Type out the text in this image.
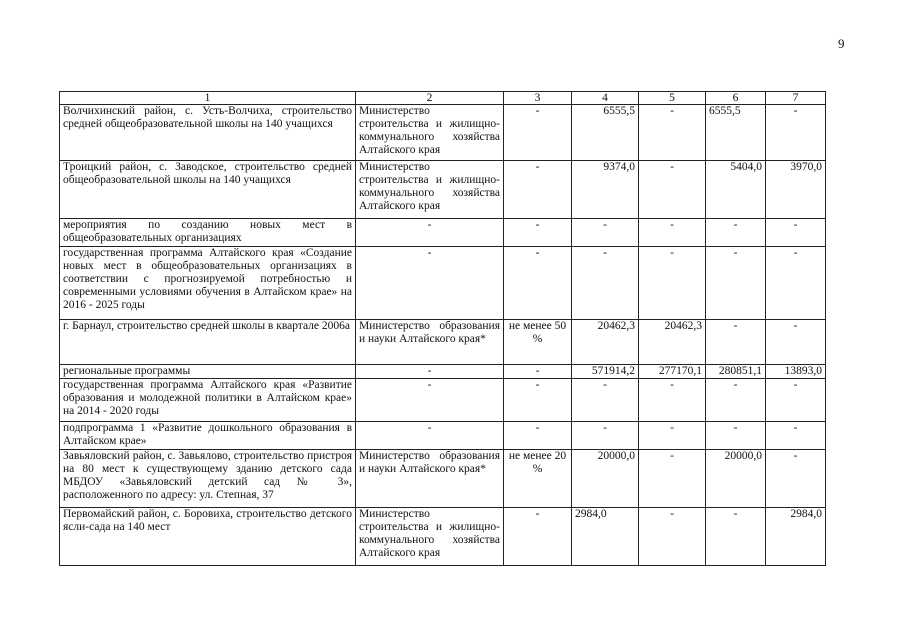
9
1	2	3	4	5	6	7
Волчихинский район, с. Усть-Волчиха, строительство средней общеобразовательной школы на 140 учащихся	Министерство строительства и жилищно-коммунального хозяйства Алтайского края	-	6555,5	-	6555,5	-
Троицкий район, с. Заводское, строительство средней общеобразовательной школы на 140 учащихся	Министерство строительства и жилищно-коммунального хозяйства Алтайского края	-	9374,0	-	5404,0	3970,0
мероприятия по созданию новых мест в общеобразовательных организациях	-	-	-	-	-	-
государственная программа Алтайского края «Создание новых мест в общеобразовательных организациях в соответствии с прогнозируемой потребностью и современными условиями обучения в Алтайском крае» на 2016 - 2025 годы	-	-	-	-	-	-
г. Барнаул, строительство средней школы в квартале 2006а	Министерство образования и науки Алтайского края*	не менее 50 %	20462,3	20462,3	-	-
региональные программы	-	-	571914,2	277170,1	280851,1	13893,0
государственная программа Алтайского края «Развитие образования и молодежной политики в Алтайском крае» на 2014 - 2020 годы	-	-	-	-	-	-
подпрограмма 1 «Развитие дошкольного образования в Алтайском крае»	-	-	-	-	-	-
Завьяловский район, с. Завьялово, строительство пристроя на 80 мест к существующему зданию детского сада МБДОУ «Завьяловский детский сад № 3», расположенного по адресу: ул. Степная, 37	Министерство образования и науки Алтайского края*	не менее 20 %	20000,0	-	20000,0	-
Первомайский район, с. Боровиха, строительство детского ясли-сада на 140 мест	Министерство строительства и жилищно-коммунального хозяйства Алтайского края	-	2984,0	-	-	2984,0
